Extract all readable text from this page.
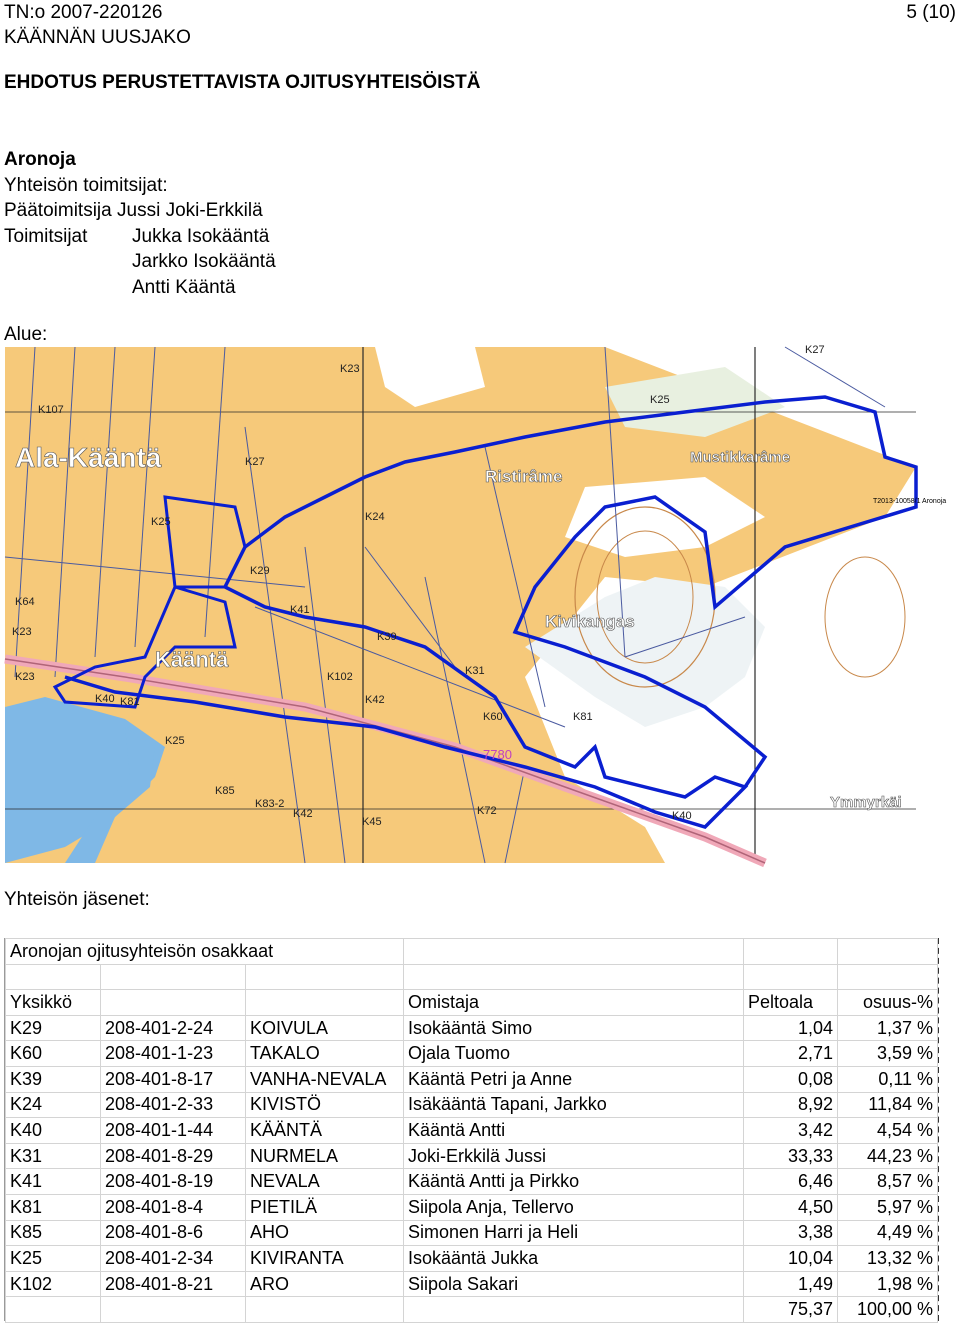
TN:o 2007-220126
KÄÄNNÄN UUSJAKO
5 (10)
EHDOTUS PERUSTETTAVISTA OJITUSYHTEISÖISTÄ
Aronoja
Yhteisön toimitsijat:
Päätoimitsija Jussi Joki-Erkkilä
Toimitsijat	Jukka Isokääntä
Jarkko Isokääntä
Antti Kääntä
Alue:
Ala-Kääntä
Kääntä
Kivikangas
Ristirâme
Mustikkarâme
Ymmyrkäi
K107
K25
K27
K23
K24
K29
K41
K39
K31
K40 K81
K102
K42
K60	K81
K85
K83-2
K42
K45
K72	K40
K25
K27
K25
K23
K23
K64
7780
T2013-10058/1 Aronoja
Yhteisön jäsenet:
Aronojan ojitusyhteisön osakkaat					

Yksikkö			Omistaja	Peltoala	osuus-%
K29	208-401-2-24	KOIVULA	Isokääntä Simo	1,04	1,37 %
K60	208-401-1-23	TAKALO	Ojala Tuomo	2,71	3,59 %
K39	208-401-8-17	VANHA-NEVALA	Kääntä Petri ja Anne	0,08	0,11 %
K24	208-401-2-33	KIVISTÖ	Isäkääntä Tapani, Jarkko	8,92	11,84 %
K40	208-401-1-44	KÄÄNTÄ	Kääntä Antti	3,42	4,54 %
K31	208-401-8-29	NURMELA	Joki-Erkkilä Jussi	33,33	44,23 %
K41	208-401-8-19	NEVALA	Kääntä Antti ja Pirkko	6,46	8,57 %
K81	208-401-8-4	PIETILÄ	Siipola Anja, Tellervo	4,50	5,97 %
K85	208-401-8-6	AHO	Simonen Harri ja Heli	3,38	4,49 %
K25	208-401-2-34	KIVIRANTA	Isokääntä Jukka	10,04	13,32 %
K102	208-401-8-21	ARO	Siipola Sakari	1,49	1,98 %
				75,37	100,00 %
